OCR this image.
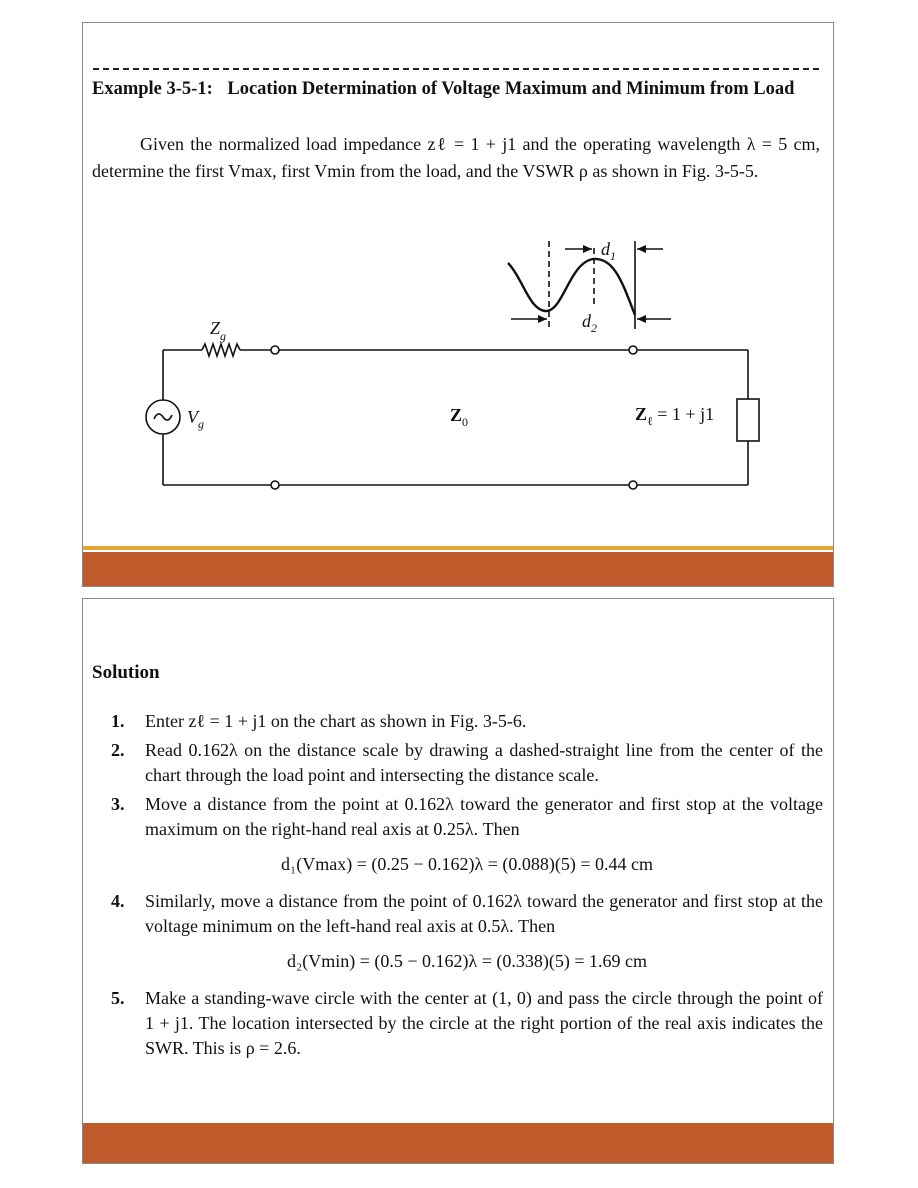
Example 3-5-1: Location Determination of Voltage Maximum and Minimum from Load
Given the normalized load impedance zℓ = 1 + j1 and the operating wavelength λ = 5 cm, determine the first Vmax, first Vmin from the load, and the VSWR ρ as shown in Fig. 3-5-5.
$Z_g$
$V_g$	$Z_0$	$Z_\ell = 1 + j1$
$d_1$
$d_2$
Solution
1. Enter zℓ = 1 + j1 on the chart as shown in Fig. 3-5-6.
2. Read 0.162λ on the distance scale by drawing a dashed-straight line from the center of the chart through the load point and intersecting the distance scale.
3. Move a distance from the point at 0.162λ toward the generator and first stop at the voltage maximum on the right-hand real axis at 0.25λ. Then
d₁(Vmax) = (0.25 − 0.162)λ = (0.088)(5) = 0.44 cm
4. Similarly, move a distance from the point of 0.162λ toward the generator and first stop at the voltage minimum on the left-hand real axis at 0.5λ. Then
d₂(Vmin) = (0.5 − 0.162)λ = (0.338)(5) = 1.69 cm
5. Make a standing-wave circle with the center at (1, 0) and pass the circle through the point of 1 + j1. The location intersected by the circle at the right portion of the real axis indicates the SWR. This is ρ = 2.6.
